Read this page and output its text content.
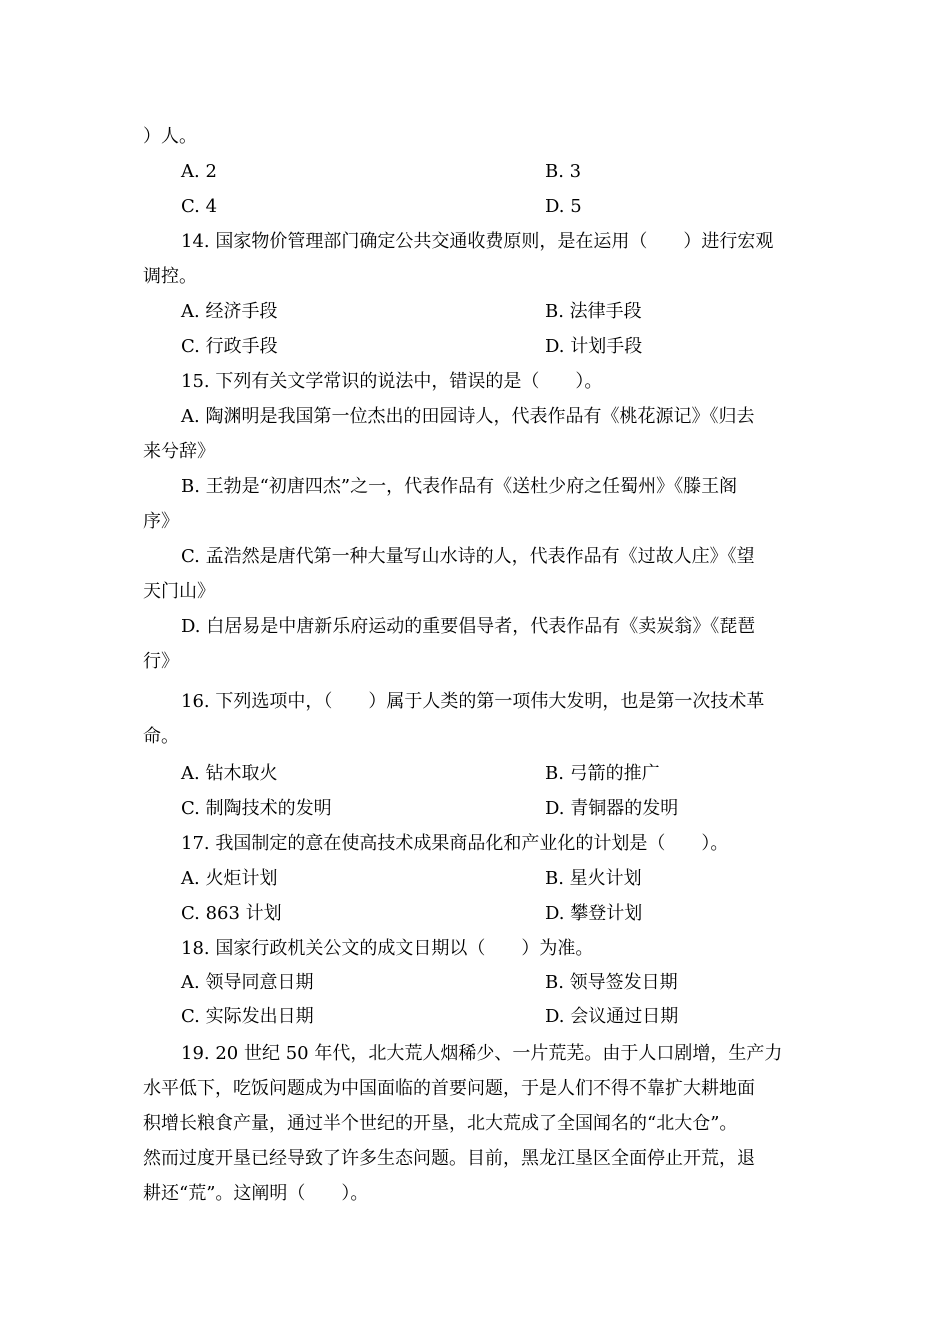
）人。
A. 2	B. 3
C. 4	D. 5
14. 国家物价管理部门确定公共交通收费原则，是在运用（　　）进行宏观
调控。
A. 经济手段	B. 法律手段
C. 行政手段	D. 计划手段
15. 下列有关文学常识的说法中，错误的是（　　）。
A. 陶渊明是我国第一位杰出的田园诗人，代表作品有《桃花源记》《归去
来兮辞》
B. 王勃是“初唐四杰”之一，代表作品有《送杜少府之任蜀州》《滕王阁
序》
C. 孟浩然是唐代第一种大量写山水诗的人，代表作品有《过故人庄》《望
天门山》
D. 白居易是中唐新乐府运动的重要倡导者，代表作品有《卖炭翁》《琵琶
行》
16. 下列选项中，（　　）属于人类的第一项伟大发明，也是第一次技术革
命。
A. 钻木取火	B. 弓箭的推广
C. 制陶技术的发明	D. 青铜器的发明
17. 我国制定的意在使高技术成果商品化和产业化的计划是（　　）。
A. 火炬计划	B. 星火计划
C. 863 计划	D. 攀登计划
18. 国家行政机关公文的成文日期以（　　）为准。
A. 领导同意日期	B. 领导签发日期
C. 实际发出日期	D. 会议通过日期
19. 20 世纪 50 年代，北大荒人烟稀少、一片荒芜。由于人口剧增，生产力
水平低下，吃饭问题成为中国面临的首要问题，于是人们不得不靠扩大耕地面
积增长粮食产量，通过半个世纪的开垦，北大荒成了全国闻名的“北大仓”。
然而过度开垦已经导致了许多生态问题。目前，黑龙江垦区全面停止开荒，退
耕还“荒”。这阐明（　　）。
